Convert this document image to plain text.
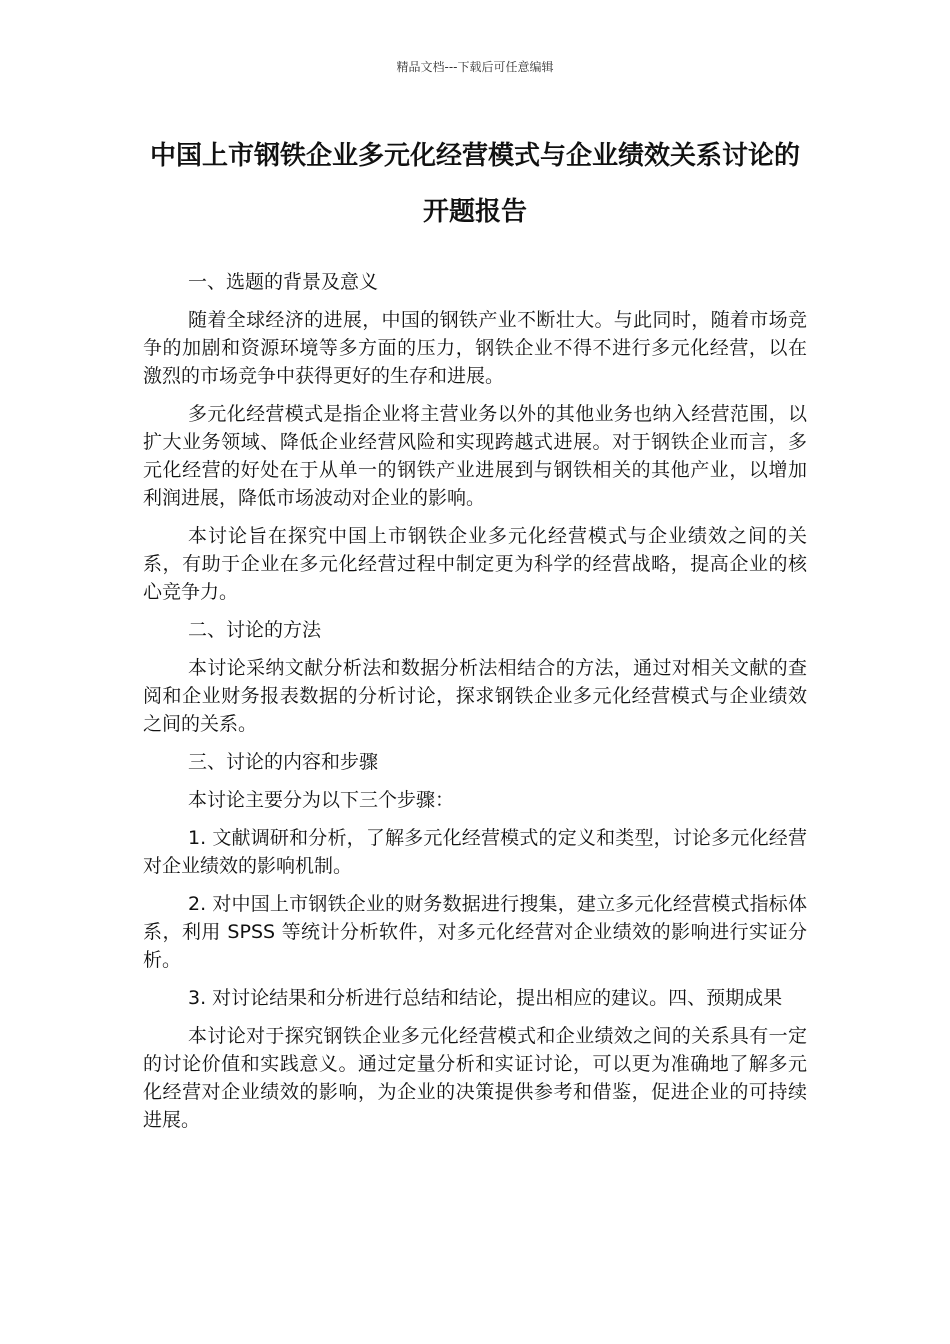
精品文档---下载后可任意编辑
中国上市钢铁企业多元化经营模式与企业绩效关系讨论的开题报告

一、选题的背景及意义

随着全球经济的进展，中国的钢铁产业不断壮大。与此同时，随着市场竞争的加剧和资源环境等多方面的压力，钢铁企业不得不进行多元化经营，以在激烈的市场竞争中获得更好的生存和进展。

多元化经营模式是指企业将主营业务以外的其他业务也纳入经营范围，以扩大业务领域、降低企业经营风险和实现跨越式进展。对于钢铁企业而言，多元化经营的好处在于从单一的钢铁产业进展到与钢铁相关的其他产业，以增加利润进展，降低市场波动对企业的影响。

本讨论旨在探究中国上市钢铁企业多元化经营模式与企业绩效之间的关系，有助于企业在多元化经营过程中制定更为科学的经营战略，提高企业的核心竞争力。

二、讨论的方法

本讨论采纳文献分析法和数据分析法相结合的方法，通过对相关文献的查阅和企业财务报表数据的分析讨论，探求钢铁企业多元化经营模式与企业绩效之间的关系。

三、讨论的内容和步骤

本讨论主要分为以下三个步骤：

1. 文献调研和分析，了解多元化经营模式的定义和类型，讨论多元化经营对企业绩效的影响机制。

2. 对中国上市钢铁企业的财务数据进行搜集，建立多元化经营模式指标体系，利用 SPSS 等统计分析软件，对多元化经营对企业绩效的影响进行实证分析。

3. 对讨论结果和分析进行总结和结论，提出相应的建议。四、预期成果

本讨论对于探究钢铁企业多元化经营模式和企业绩效之间的关系具有一定的讨论价值和实践意义。通过定量分析和实证讨论，可以更为准确地了解多元化经营对企业绩效的影响，为企业的决策提供参考和借鉴，促进企业的可持续进展。
